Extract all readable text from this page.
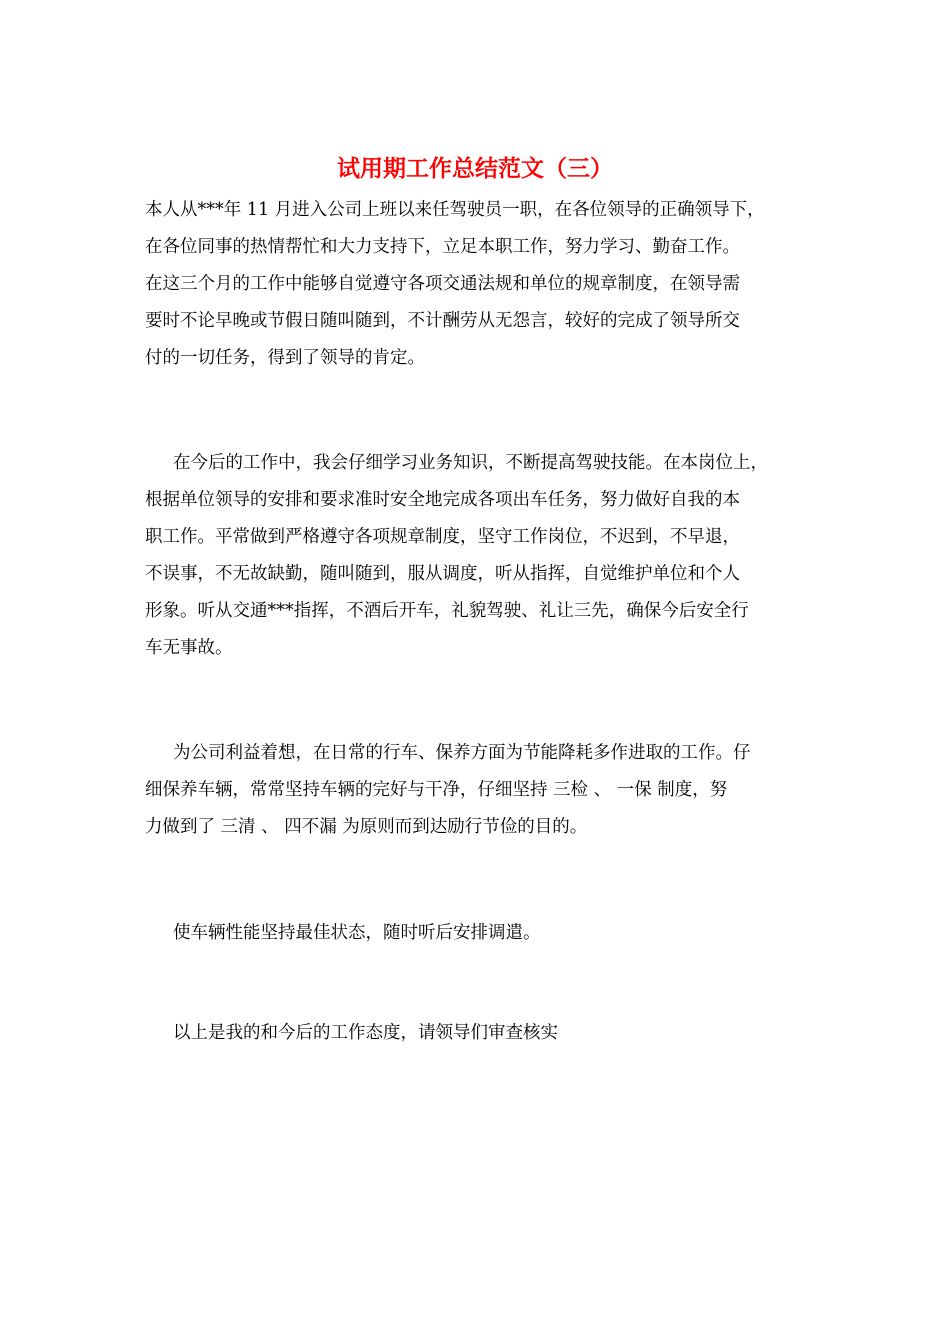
试用期工作总结范文（三）

本人从***年 11 月进入公司上班以来任驾驶员一职，在各位领导的正确领导下，

在各位同事的热情帮忙和大力支持下，立足本职工作，努力学习、勤奋工作。

在这三个月的工作中能够自觉遵守各项交通法规和单位的规章制度，在领导需

要时不论早晚或节假日随叫随到，不计酬劳从无怨言，较好的完成了领导所交

付的一切任务，得到了领导的肯定。

在今后的工作中，我会仔细学习业务知识，不断提高驾驶技能。在本岗位上，

根据单位领导的安排和要求准时安全地完成各项出车任务，努力做好自我的本

职工作。平常做到严格遵守各项规章制度，坚守工作岗位，不迟到，不早退，

不误事，不无故缺勤，随叫随到，服从调度，听从指挥，自觉维护单位和个人

形象。听从交通***指挥，不酒后开车，礼貌驾驶、礼让三先，确保今后安全行

车无事故。

为公司利益着想，在日常的行车、保养方面为节能降耗多作进取的工作。仔

细保养车辆，常常坚持车辆的完好与干净，仔细坚持 三检 、 一保 制度，努

力做到了 三清 、 四不漏 为原则而到达励行节俭的目的。

使车辆性能坚持最佳状态，随时听后安排调遣。

以上是我的和今后的工作态度，请领导们审查核实
